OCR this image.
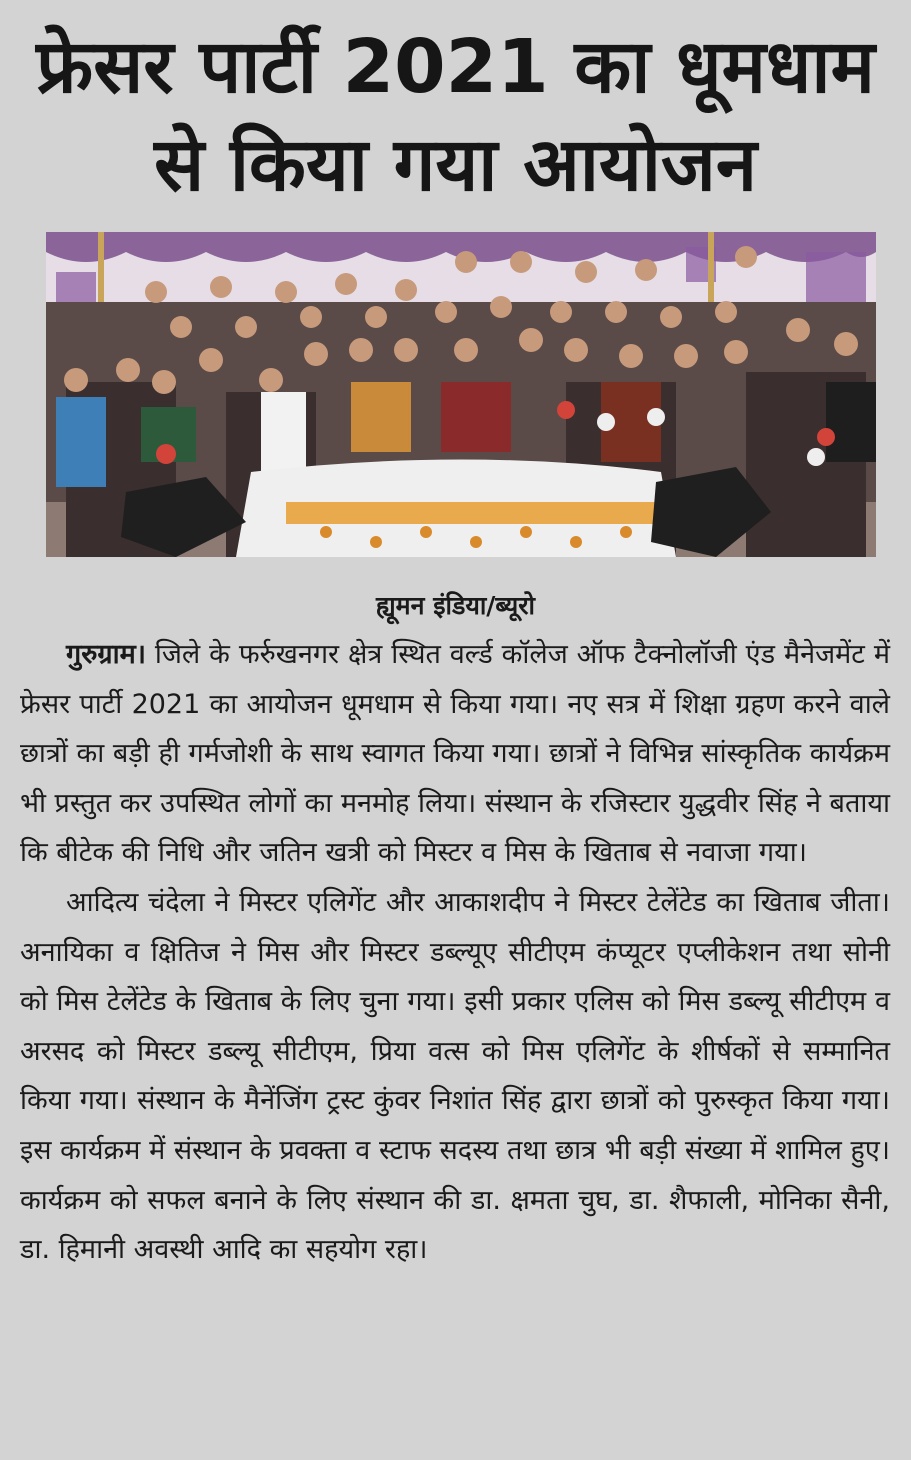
फ्रेसर पार्टी 2021 का धूमधाम
से किया गया आयोजन
ह्यूमन इंडिया/ब्यूरो

गुरुग्राम। जिले के फर्रुखनगर क्षेत्र स्थित वर्ल्ड कॉलेज ऑफ टैक्नोलॉजी एंड मैनेजमेंट में फ्रेसर पार्टी 2021 का आयोजन धूमधाम से किया गया। नए सत्र में शिक्षा ग्रहण करने वाले छात्रों का बड़ी ही गर्मजोशी के साथ स्वागत किया गया। छात्रों ने विभिन्न सांस्कृतिक कार्यक्रम भी प्रस्तुत कर उपस्थित लोगों का मनमोह लिया। संस्थान के रजिस्टार युद्धवीर सिंह ने बताया कि बीटेक की निधि और जतिन खत्री को मिस्टर व मिस के खिताब से नवाजा गया।

आदित्य चंदेला ने मिस्टर एलिगेंट और आकाशदीप ने मिस्टर टेलेंटेड का खिताब जीता। अनायिका व क्षितिज ने मिस और मिस्टर डब्ल्यूए सीटीएम कंप्यूटर एप्लीकेशन तथा सोनी को मिस टेलेंटेड के खिताब के लिए चुना गया। इसी प्रकार एलिस को मिस डब्ल्यू सीटीएम व अरसद को मिस्टर डब्ल्यू सीटीएम, प्रिया वत्स को मिस एलिगेंट के शीर्षकों से सम्मानित किया गया। संस्थान के मैनेंजिंग ट्रस्ट कुंवर निशांत सिंह द्वारा छात्रों को पुरुस्कृत किया गया। इस कार्यक्रम में संस्थान के प्रवक्ता व स्टाफ सदस्य तथा छात्र भी बड़ी संख्या में शामिल हुए। कार्यक्रम को सफल बनाने के लिए संस्थान की डा. क्षमता चुघ, डा. शैफाली, मोनिका सैनी, डा. हिमानी अवस्थी आदि का सहयोग रहा।
